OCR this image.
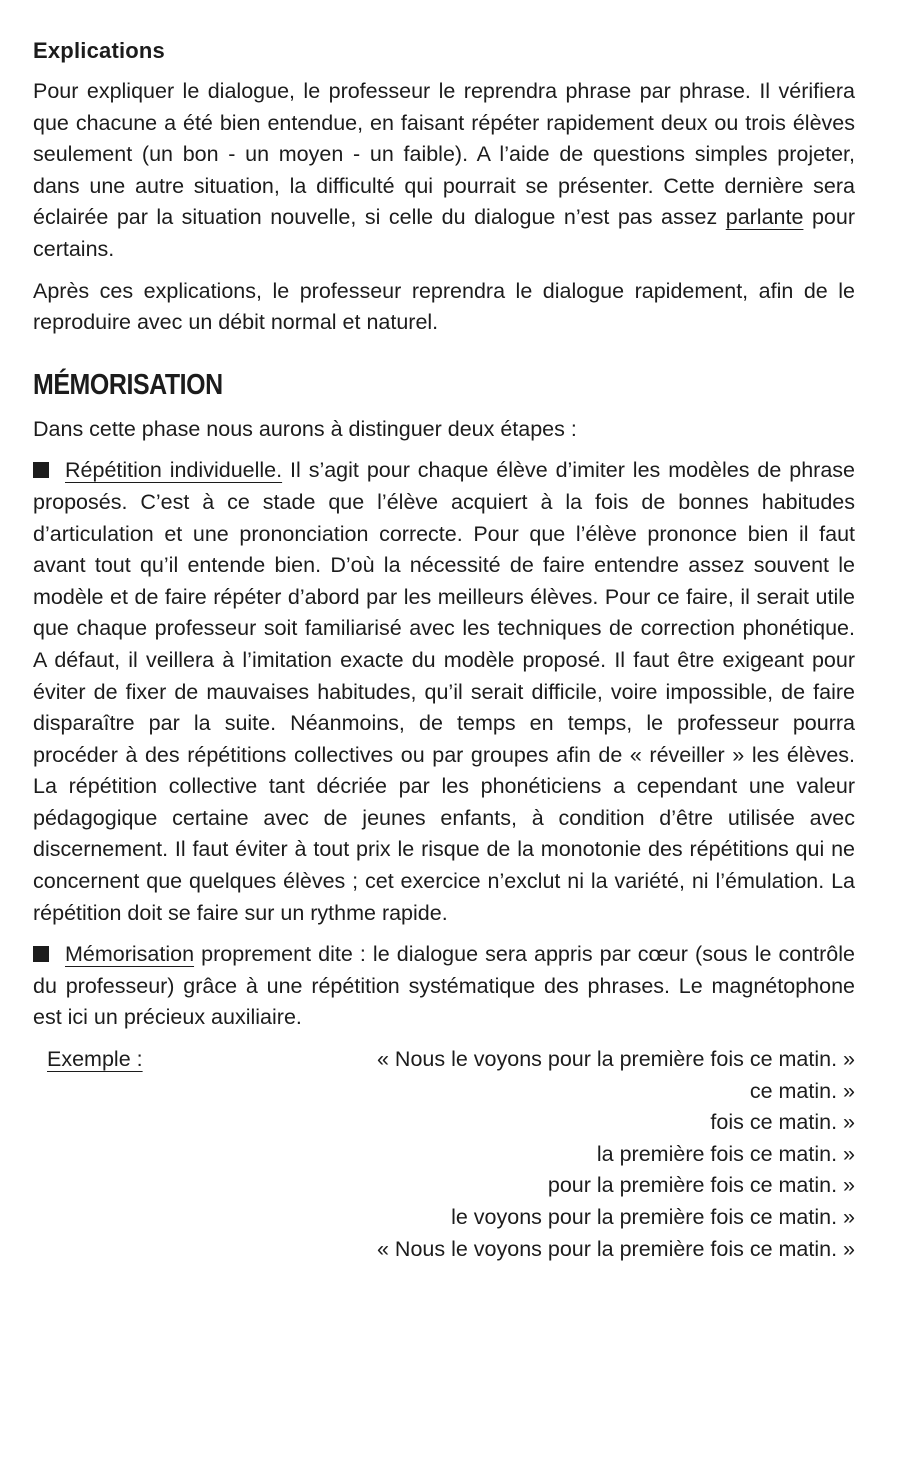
Explications

Pour expliquer le dialogue, le professeur le reprendra phrase par phrase. Il vérifiera que chacune a été bien entendue, en faisant répéter rapidement deux ou trois élèves seulement (un bon - un moyen - un faible). A l’aide de questions simples projeter, dans une autre situation, la difficulté qui pourrait se présenter. Cette dernière sera éclairée par la situation nouvelle, si celle du dialogue n’est pas assez parlante pour certains.

Après ces explications, le professeur reprendra le dialogue rapidement, afin de le reproduire avec un débit normal et naturel.

MÉMORISATION

Dans cette phase nous aurons à distinguer deux étapes :

Répétition individuelle. Il s’agit pour chaque élève d’imiter les modèles de phrase proposés. C’est à ce stade que l’élève acquiert à la fois de bonnes habitudes d’articulation et une prononciation correcte. Pour que l’élève prononce bien il faut avant tout qu’il entende bien. D’où la nécessité de faire entendre assez souvent le modèle et de faire répéter d’abord par les meilleurs élèves. Pour ce faire, il serait utile que chaque professeur soit familiarisé avec les techniques de correction phonétique. A défaut, il veillera à l’imitation exacte du modèle proposé. Il faut être exigeant pour éviter de fixer de mauvaises habitudes, qu’il serait difficile, voire impossible, de faire disparaître par la suite. Néanmoins, de temps en temps, le professeur pourra procéder à des répétitions collectives ou par groupes afin de « réveiller » les élèves. La répétition collective tant décriée par les phonéticiens a cependant une valeur pédagogique certaine avec de jeunes enfants, à condition d’être utilisée avec discernement. Il faut éviter à tout prix le risque de la monotonie des répétitions qui ne concernent que quelques élèves ; cet exercice n’exclut ni la variété, ni l’émulation. La répétition doit se faire sur un rythme rapide.

Mémorisation proprement dite : le dialogue sera appris par cœur (sous le contrôle du professeur) grâce à une répétition systématique des phrases. Le magnétophone est ici un précieux auxiliaire.

Exemple :	« Nous le voyons pour la première fois ce matin. »
ce matin. »
fois ce matin. »
la première fois ce matin. »
pour la première fois ce matin. »
le voyons pour la première fois ce matin. »
« Nous le voyons pour la première fois ce matin. »
